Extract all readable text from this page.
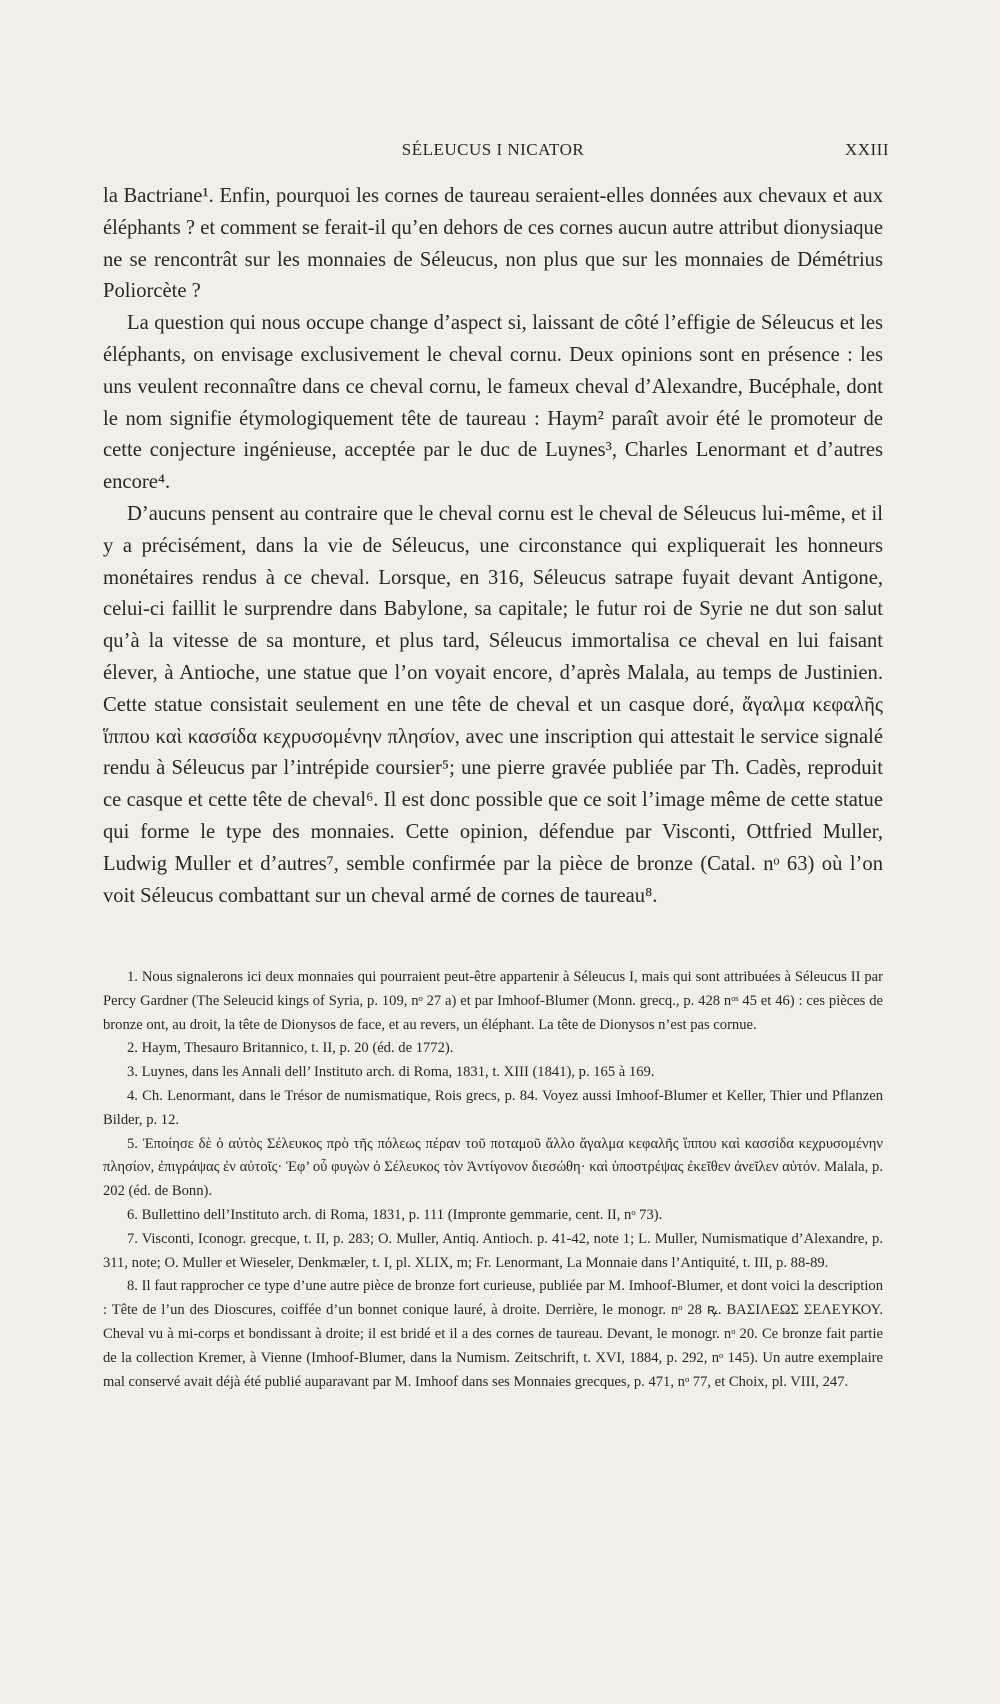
SÉLEUCUS I NICATOR	XXIII

la Bactriane¹. Enfin, pourquoi les cornes de taureau seraient-elles données aux chevaux et aux éléphants ? et comment se ferait-il qu’en dehors de ces cornes aucun autre attribut dionysiaque ne se rencontrât sur les monnaies de Séleucus, non plus que sur les monnaies de Démétrius Poliorcète ?

La question qui nous occupe change d’aspect si, laissant de côté l’effigie de Séleucus et les éléphants, on envisage exclusivement le cheval cornu. Deux opinions sont en présence : les uns veulent reconnaître dans ce cheval cornu, le fameux cheval d’Alexandre, Bucéphale, dont le nom signifie étymologiquement tête de taureau : Haym² paraît avoir été le promoteur de cette conjecture ingénieuse, acceptée par le duc de Luynes³, Charles Lenormant et d’autres encore⁴.

D’aucuns pensent au contraire que le cheval cornu est le cheval de Séleucus lui-même, et il y a précisément, dans la vie de Séleucus, une circonstance qui expliquerait les honneurs monétaires rendus à ce cheval. Lorsque, en 316, Séleucus satrape fuyait devant Antigone, celui-ci faillit le surprendre dans Babylone, sa capitale; le futur roi de Syrie ne dut son salut qu’à la vitesse de sa monture, et plus tard, Séleucus immortalisa ce cheval en lui faisant élever, à Antioche, une statue que l’on voyait encore, d’après Malala, au temps de Justinien. Cette statue consistait seulement en une tête de cheval et un casque doré, ἄγαλμα κεφαλῆς ἵππου καὶ κασσίδα κεχρυσομένην πλησίον, avec une inscription qui attestait le service signalé rendu à Séleucus par l’intrépide coursier⁵; une pierre gravée publiée par Th. Cadès, reproduit ce casque et cette tête de cheval⁶. Il est donc possible que ce soit l’image même de cette statue qui forme le type des monnaies. Cette opinion, défendue par Visconti, Ottfried Muller, Ludwig Muller et d’autres⁷, semble confirmée par la pièce de bronze (Catal. nᵒ 63) où l’on voit Séleucus combattant sur un cheval armé de cornes de taureau⁸.

1. Nous signalerons ici deux monnaies qui pourraient peut-être appartenir à Séleucus I, mais qui sont attribuées à Séleucus II par Percy Gardner (The Seleucid kings of Syria, p. 109, nᵒ 27 a) et par Imhoof-Blumer (Monn. grecq., p. 428 nᵒˢ 45 et 46) : ces pièces de bronze ont, au droit, la tête de Dionysos de face, et au revers, un éléphant. La tête de Dionysos n’est pas cornue.

2. Haym, Thesauro Britannico, t. II, p. 20 (éd. de 1772).

3. Luynes, dans les Annali dell’ Instituto arch. di Roma, 1831, t. XIII (1841), p. 165 à 169.

4. Ch. Lenormant, dans le Trésor de numismatique, Rois grecs, p. 84. Voyez aussi Imhoof-Blumer et Keller, Thier und Pflanzen Bilder, p. 12.

5. Ἐποίησε δὲ ὁ αὐτὸς Σέλευκος πρὸ τῆς πόλεως πέραν τοῦ ποταμοῦ ἄλλο ἄγαλμα κεφαλῆς ἵππου καὶ κασσίδα κεχρυσομένην πλησίον, ἐπιγράψας ἐν αὐτοῖς· Ἐφ’ οὗ φυγὼν ὁ Σέλευκος τὸν Ἀντίγονον διεσώθη· καὶ ὑποστρέψας ἐκεῖθεν ἀνεῖλεν αὐτόν. Malala, p. 202 (éd. de Bonn).

6. Bullettino dell’Instituto arch. di Roma, 1831, p. 111 (Impronte gemmarie, cent. II, nᵒ 73).

7. Visconti, Iconogr. grecque, t. II, p. 283; O. Muller, Antiq. Antioch. p. 41-42, note 1; L. Muller, Numismatique d’Alexandre, p. 311, note; O. Muller et Wieseler, Denkmæler, t. I, pl. XLIX, m; Fr. Lenormant, La Monnaie dans l’Antiquité, t. III, p. 88-89.

8. Il faut rapprocher ce type d’une autre pièce de bronze fort curieuse, publiée par M. Imhoof-Blumer, et dont voici la description : Tête de l’un des Dioscures, coiffée d’un bonnet conique lauré, à droite. Derrière, le monogr. nᵒ 28 ꝶ. ΒΑΣΙΛΕΩΣ ΣΕΛΕΥΚΟΥ. Cheval vu à mi-corps et bondissant à droite; il est bridé et il a des cornes de taureau. Devant, le monogr. nᵒ 20. Ce bronze fait partie de la collection Kremer, à Vienne (Imhoof-Blumer, dans la Numism. Zeitschrift, t. XVI, 1884, p. 292, nᵒ 145). Un autre exemplaire mal conservé avait déjà été publié auparavant par M. Imhoof dans ses Monnaies grecques, p. 471, nᵒ 77, et Choix, pl. VIII, 247.
